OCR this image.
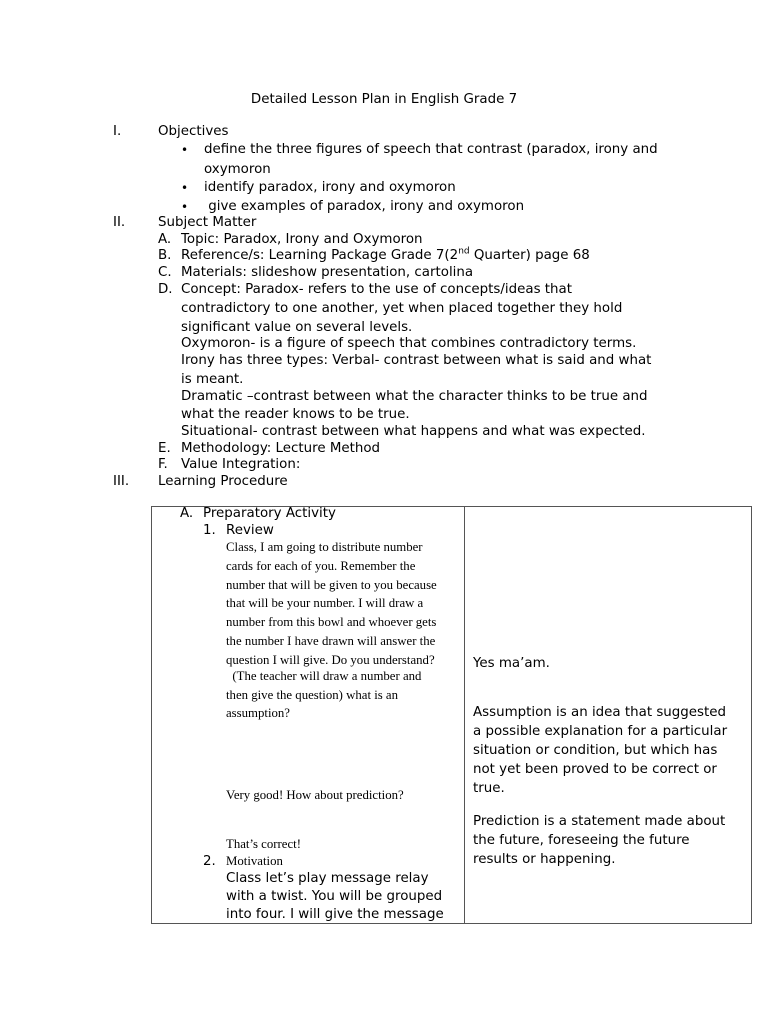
Detailed Lesson Plan in English Grade 7
I.	Objectives
• define the three figures of speech that contrast (paradox, irony and
oxymoron
• identify paradox, irony and oxymoron
• give examples of paradox, irony and oxymoron
II. Subject Matter
A. Topic: Paradox, Irony and Oxymoron
B. Reference/s: Learning Package Grade 7(2nd Quarter) page 68
C. Materials: slideshow presentation, cartolina
D. Concept: Paradox- refers to the use of concepts/ideas that
contradictory to one another, yet when placed together they hold
significant value on several levels.
Oxymoron- is a figure of speech that combines contradictory terms.
Irony has three types: Verbal- contrast between what is said and what
is meant.
Dramatic –contrast between what the character thinks to be true and
what the reader knows to be true.
Situational- contrast between what happens and what was expected.
E. Methodology: Lecture Method
F. Value Integration:
III. Learning Procedure
A. Preparatory Activity
1. Review
Class, I am going to distribute number
cards for each of you. Remember the
number that will be given to you because
that will be your number. I will draw a
number from this bowl and whoever gets
the number I have drawn will answer the
question I will give. Do you understand?
(The teacher will draw a number and
then give the question) what is an
assumption?
Very good! How about prediction?
That’s correct!
2. Motivation
Class let’s play message relay
with a twist. You will be grouped
into four. I will give the message
Yes ma’am.
Assumption is an idea that suggested
a possible explanation for a particular
situation or condition, but which has
not yet been proved to be correct or
true.
Prediction is a statement made about
the future, foreseeing the future
results or happening.
